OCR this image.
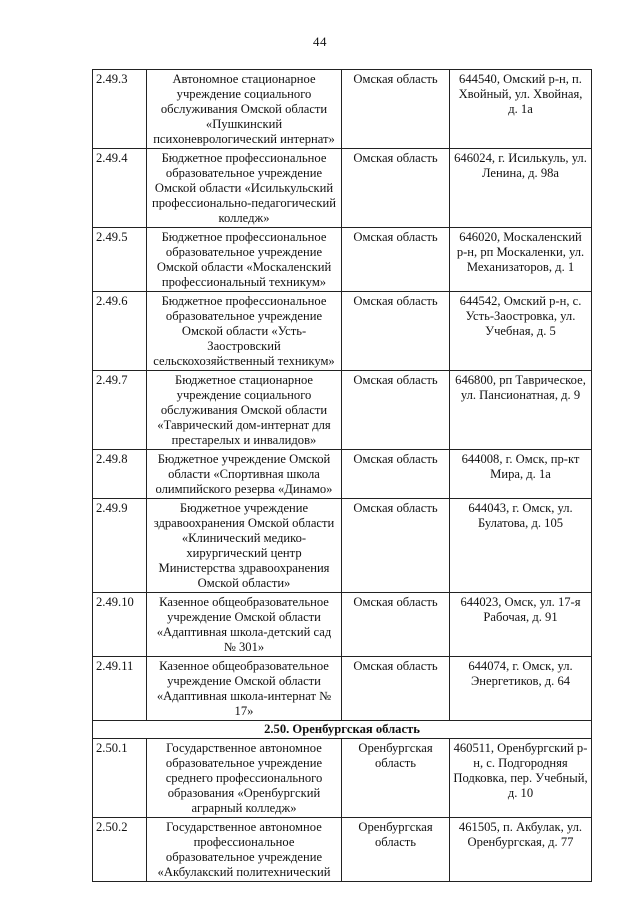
44
2.49.3	Автономное стационарное учреждение социального обслуживания Омской области «Пушкинский психоневрологический интернат»	Омская область	644540, Омский р-н, п. Хвойный, ул. Хвойная, д. 1а
2.49.4	Бюджетное профессиональное образовательное учреждение Омской области «Исилькульский профессионально-педагогический колледж»	Омская область	646024, г. Исилькуль, ул. Ленина, д. 98а
2.49.5	Бюджетное профессиональное образовательное учреждение Омской области «Москаленский профессиональный техникум»	Омская область	646020, Москаленский р-н, рп Москаленки, ул. Механизаторов, д. 1
2.49.6	Бюджетное профессиональное образовательное учреждение Омской области «Усть-Заостровский сельскохозяйственный техникум»	Омская область	644542, Омский р-н, с. Усть-Заостровка, ул. Учебная, д. 5
2.49.7	Бюджетное стационарное учреждение социального обслуживания Омской области «Таврический дом-интернат для престарелых и инвалидов»	Омская область	646800, рп Таврическое, ул. Пансионатная, д. 9
2.49.8	Бюджетное учреждение Омской области «Спортивная школа олимпийского резерва «Динамо»	Омская область	644008, г. Омск, пр-кт Мира, д. 1а
2.49.9	Бюджетное учреждение здравоохранения Омской области «Клинический медико-хирургический центр Министерства здравоохранения Омской области»	Омская область	644043, г. Омск, ул. Булатова, д. 105
2.49.10	Казенное общеобразовательное учреждение Омской области «Адаптивная школа-детский сад № 301»	Омская область	644023, Омск, ул. 17-я Рабочая, д. 91
2.49.11	Казенное общеобразовательное учреждение Омской области «Адаптивная школа-интернат № 17»	Омская область	644074, г. Омск, ул. Энергетиков, д. 64
2.50. Оренбургская область			
2.50.1	Государственное автономное образовательное учреждение среднего профессионального образования «Оренбургский аграрный колледж»	Оренбургская область	460511, Оренбургский р-н, с. Подгородняя Подковка, пер. Учебный, д. 10
2.50.2	Государственное автономное профессиональное образовательное учреждение «Акбулакский политехнический	Оренбургская область	461505, п. Акбулак, ул. Оренбургская, д. 77
